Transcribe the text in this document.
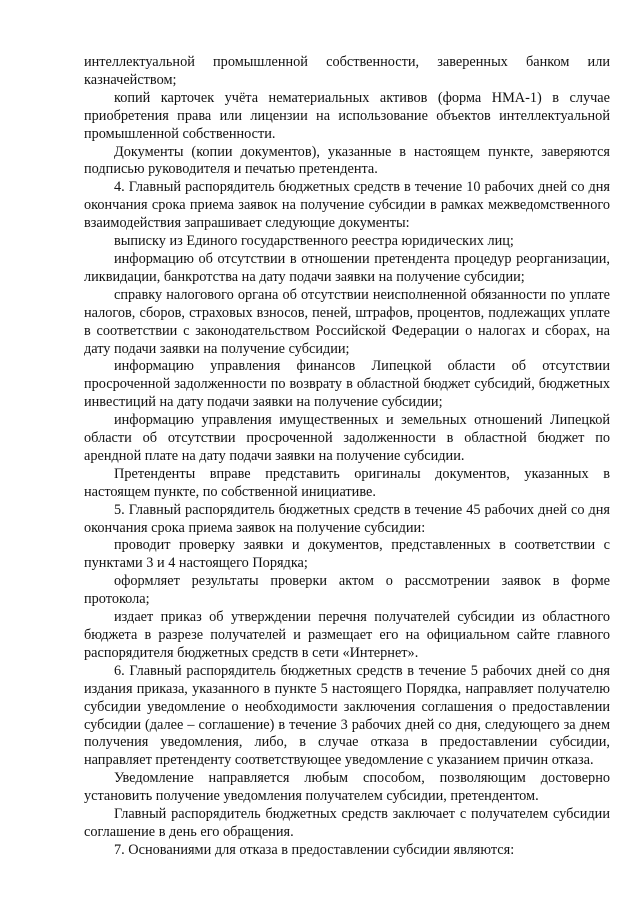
интеллектуальной промышленной собственности, заверенных банком или казначейством;

копий карточек учёта нематериальных активов (форма НМА-1) в случае приобретения права или лицензии на использование объектов интеллектуальной промышленной собственности.

Документы (копии документов), указанные в настоящем пункте, заверяются подписью руководителя и печатью претендента.

4. Главный распорядитель бюджетных средств в течение 10 рабочих дней со дня окончания срока приема заявок на получение субсидии в рамках межведомственного взаимодействия запрашивает следующие документы:

выписку из Единого государственного реестра юридических лиц;

информацию об отсутствии в отношении претендента процедур реорганизации, ликвидации, банкротства на дату подачи заявки на получение субсидии;

справку налогового органа об отсутствии неисполненной обязанности по уплате налогов, сборов, страховых взносов, пеней, штрафов, процентов, подлежащих уплате в соответствии с законодательством Российской Федерации о налогах и сборах, на дату подачи заявки на получение субсидии;

информацию управления финансов Липецкой области об отсутствии просроченной задолженности по возврату в областной бюджет субсидий, бюджетных инвестиций на дату подачи заявки на получение субсидии;

информацию управления имущественных и земельных отношений Липецкой области об отсутствии просроченной задолженности в областной бюджет по арендной плате на дату подачи заявки на получение субсидии.

Претенденты вправе представить оригиналы документов, указанных в настоящем пункте, по собственной инициативе.

5. Главный распорядитель бюджетных средств в течение 45 рабочих дней со дня окончания срока приема заявок на получение субсидии:

проводит проверку заявки и документов, представленных в соответствии с пунктами 3 и 4 настоящего Порядка;

оформляет результаты проверки актом о рассмотрении заявок в форме протокола;

издает приказ об утверждении перечня получателей субсидии из областного бюджета в разрезе получателей и размещает его на официальном сайте главного распорядителя бюджетных средств в сети «Интернет».

6. Главный распорядитель бюджетных средств в течение 5 рабочих дней со дня издания приказа, указанного в пункте 5 настоящего Порядка, направляет получателю субсидии уведомление о необходимости заключения соглашения о предоставлении субсидии (далее – соглашение) в течение 3 рабочих дней со дня, следующего за днем получения уведомления, либо, в случае отказа в предоставлении субсидии, направляет претенденту соответствующее уведомление с указанием причин отказа.

Уведомление направляется любым способом, позволяющим достоверно установить получение уведомления получателем субсидии, претендентом.

Главный распорядитель бюджетных средств заключает с получателем субсидии соглашение в день его обращения.

7. Основаниями для отказа в предоставлении субсидии являются:
